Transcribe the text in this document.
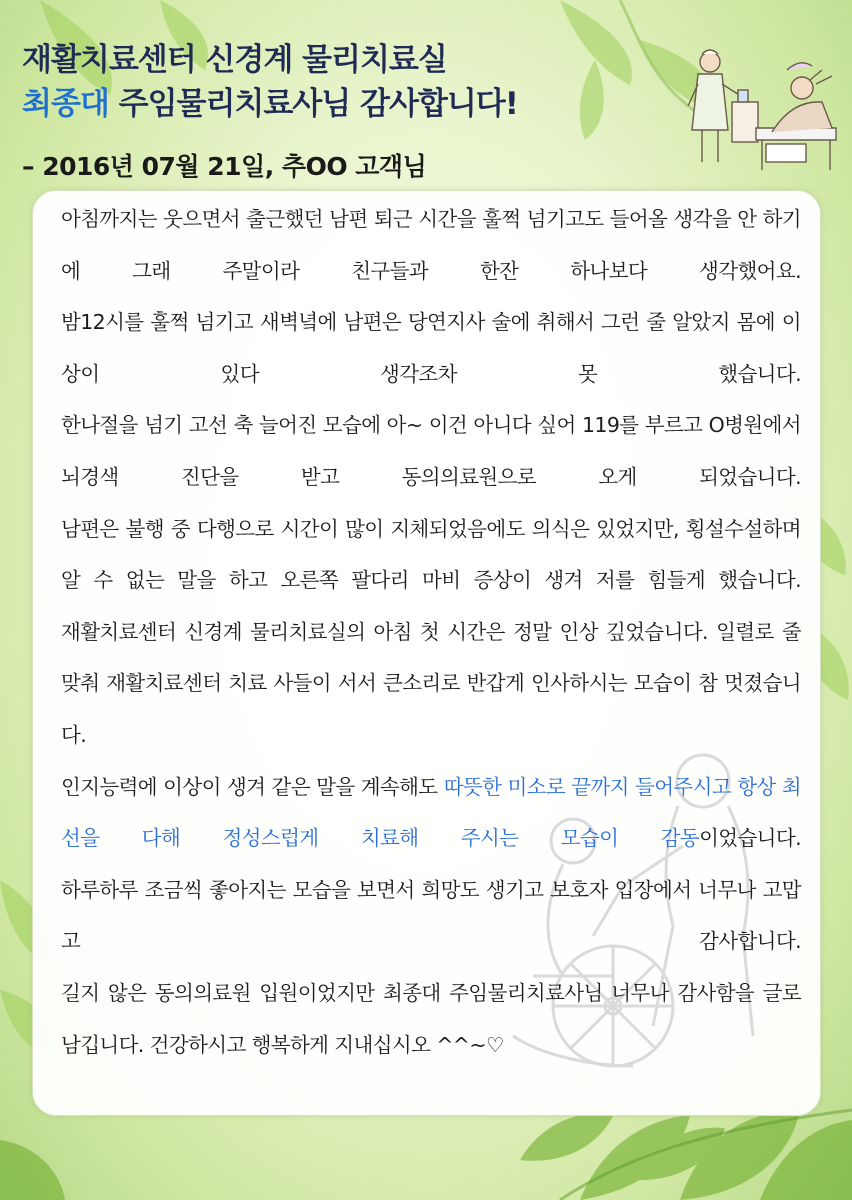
재활치료센터 신경계 물리치료실
최종대 주임물리치료사님 감사합니다!
– 2016년 07월 21일, 추OO 고객님

아침까지는 웃으면서 출근했던 남편 퇴근 시간을 훌쩍 넘기고도 들어올 생각을 안 하기에 그래 주말이라 친구들과 한잔 하나보다 생각했어요.

밤12시를 훌쩍 넘기고 새벽녘에 남편은 당연지사 술에 취해서 그런 줄 알았지 몸에 이상이 있다 생각조차 못 했습니다.

한나절을 넘기 고선 축 늘어진 모습에 아~ 이건 아니다 싶어 119를 부르고 O병원에서 뇌경색 진단을 받고 동의의료원으로 오게 되었습니다.

남편은 불행 중 다행으로 시간이 많이 지체되었음에도 의식은 있었지만, 횡설수설하며 알 수 없는 말을 하고 오른쪽 팔다리 마비 증상이 생겨 저를 힘들게 했습니다.

재활치료센터 신경계 물리치료실의 아침 첫 시간은 정말 인상 깊었습니다. 일렬로 줄 맞춰 재활치료센터 치료 사들이 서서 큰소리로 반갑게 인사하시는 모습이 참 멋졌습니다.

인지능력에 이상이 생겨 같은 말을 계속해도 따뜻한 미소로 끝까지 들어주시고 항상 최선을 다해 정성스럽게 치료해 주시는 모습이 감동이었습니다.

하루하루 조금씩 좋아지는 모습을 보면서 희망도 생기고 보호자 입장에서 너무나 고맙고 감사합니다.

길지 않은 동의의료원 입원이었지만 최종대 주임물리치료사님 너무나 감사함을 글로 남깁니다. 건강하시고 행복하게 지내십시오 ^^~♡
